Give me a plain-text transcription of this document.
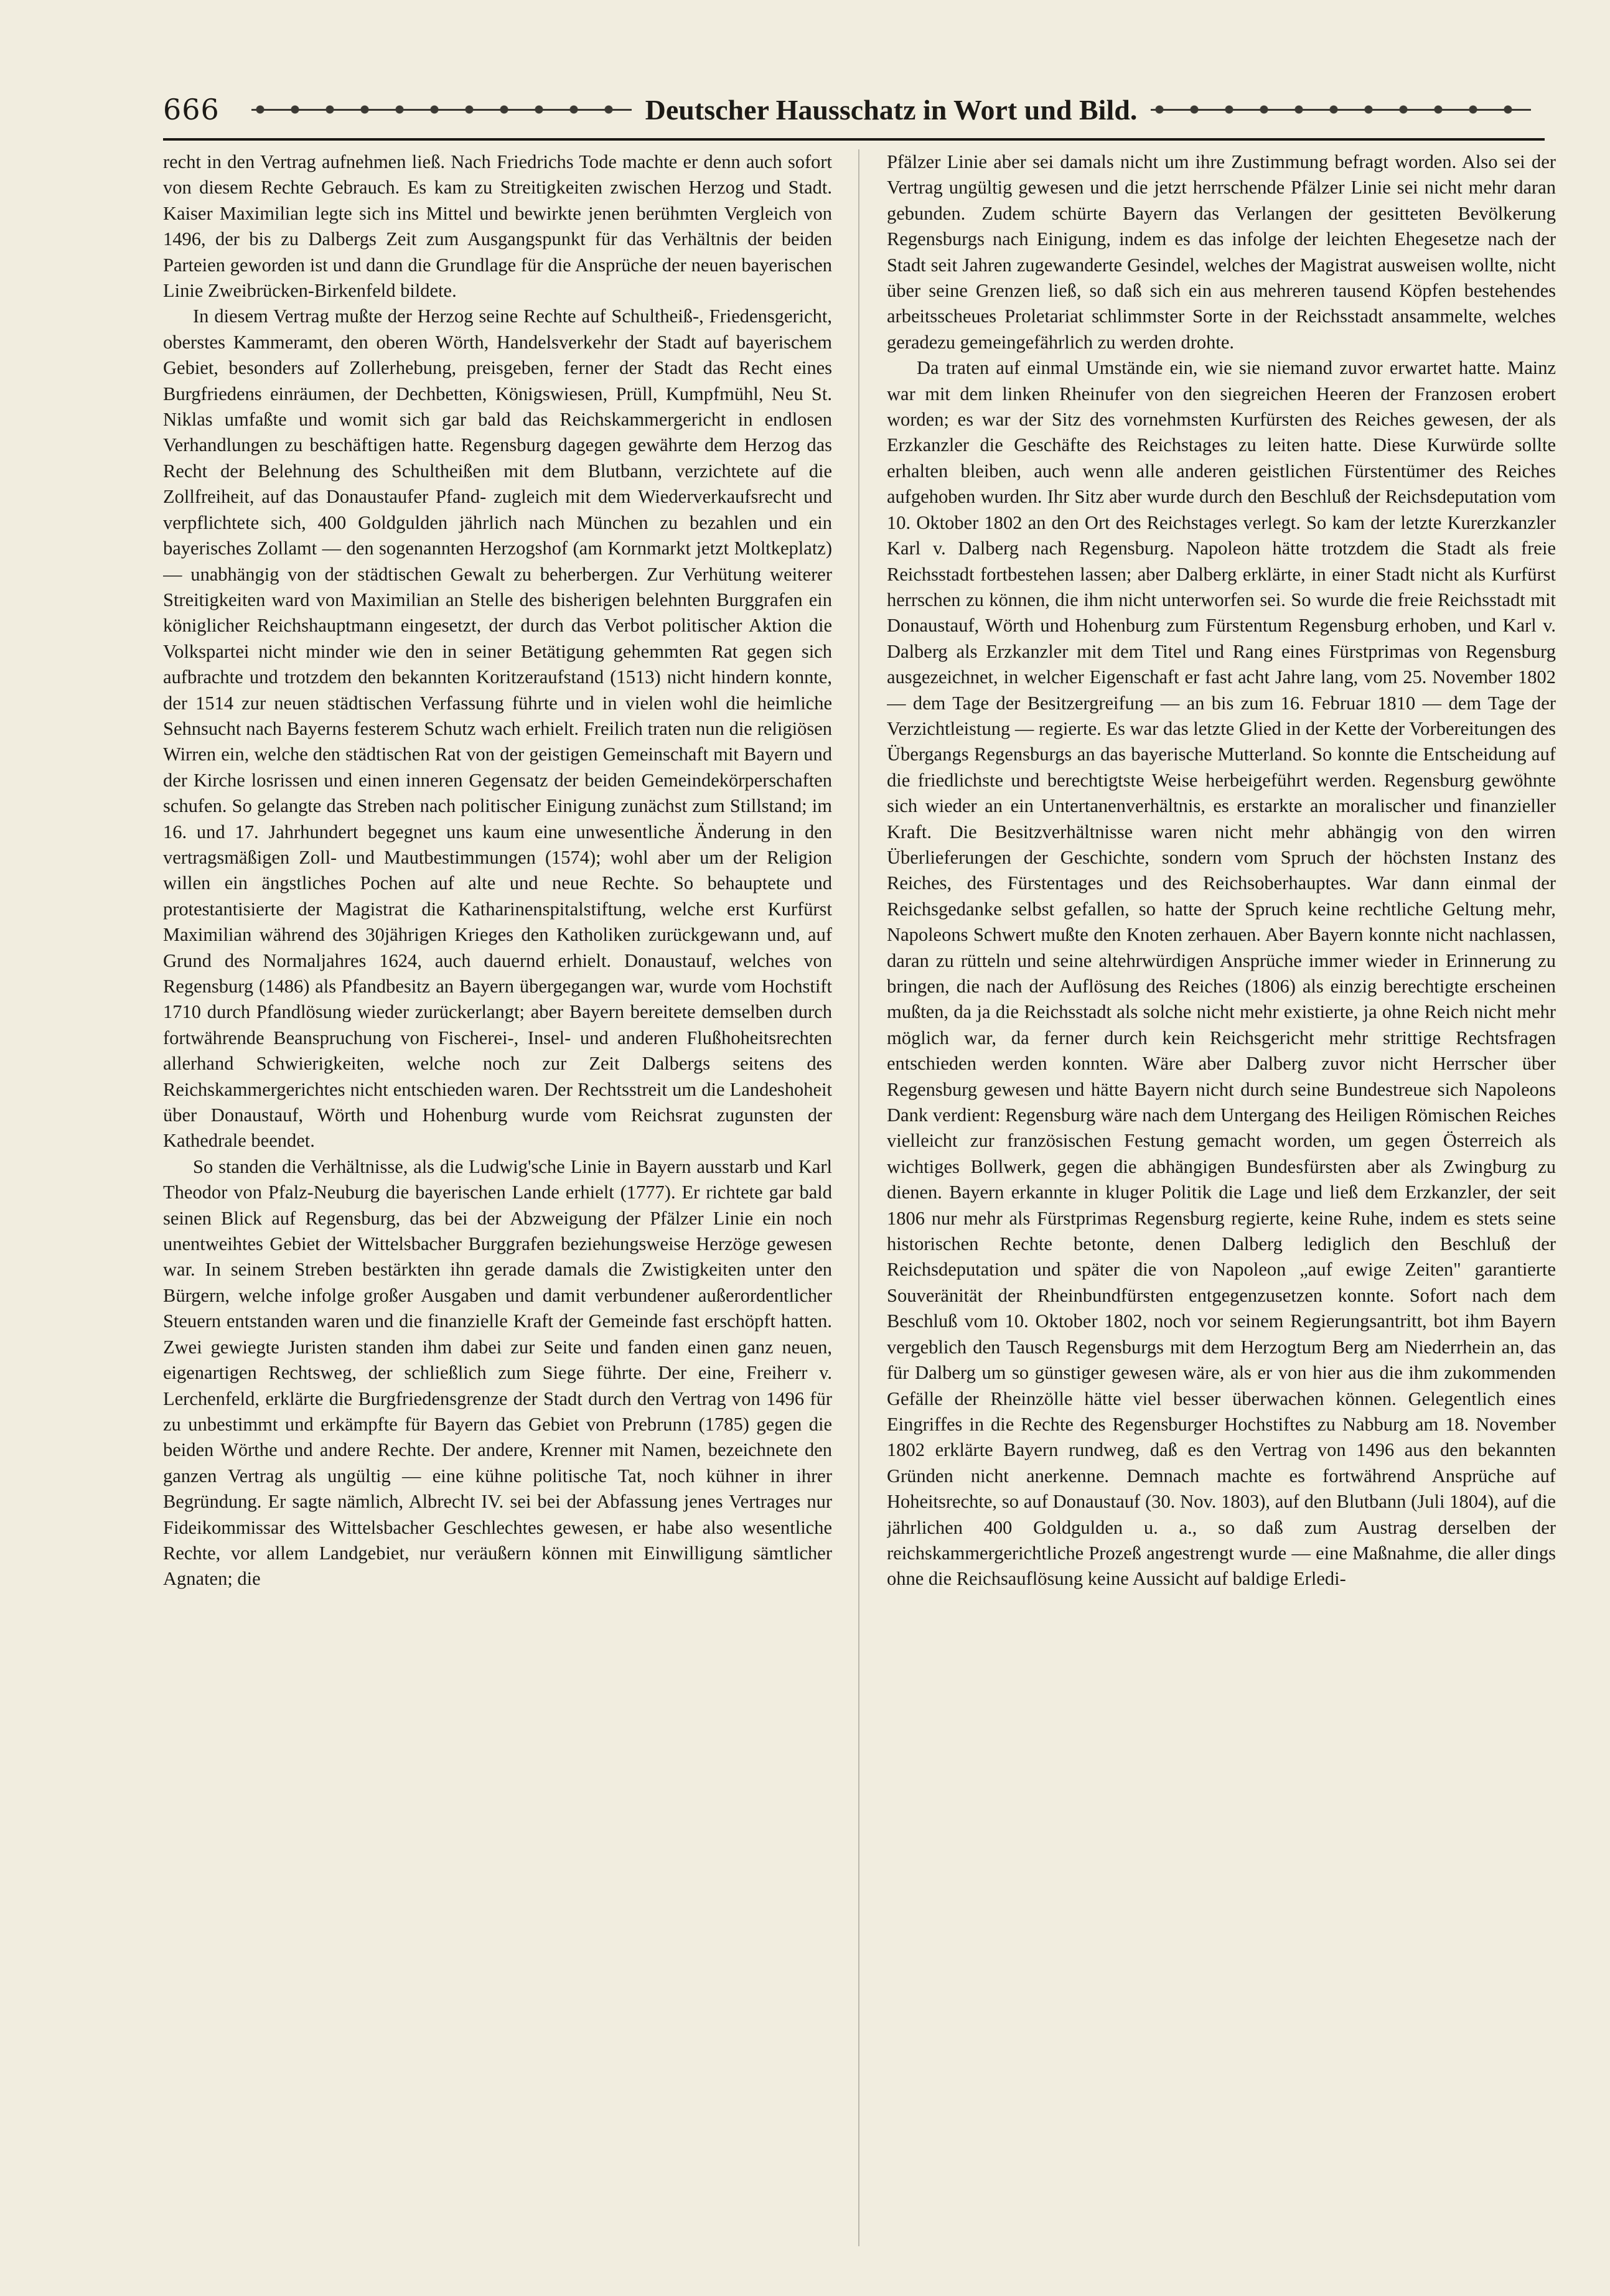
666	Deutscher Hausschatz in Wort und Bild.

recht in den Vertrag aufnehmen ließ. Nach Friedrichs Tode machte er denn auch sofort von diesem Rechte Gebrauch. Es kam zu Streitigkeiten zwischen Herzog und Stadt. Kaiser Maximilian legte sich ins Mittel und bewirkte jenen berühmten Vergleich von 1496, der bis zu Dalbergs Zeit zum Ausgangspunkt für das Verhältnis der beiden Parteien geworden ist und dann die Grundlage für die Ansprüche der neuen bayerischen Linie Zweibrücken-Birkenfeld bildete.

In diesem Vertrag mußte der Herzog seine Rechte auf Schultheiß-, Friedensgericht, oberstes Kammeramt, den oberen Wörth, Handelsverkehr der Stadt auf bayerischem Gebiet, besonders auf Zollerhebung, preisgeben, ferner der Stadt das Recht eines Burgfriedens einräumen, der Dechbetten, Königswiesen, Prüll, Kumpfmühl, Neu St. Niklas umfaßte und womit sich gar bald das Reichskammergericht in endlosen Verhandlungen zu beschäftigen hatte. Regensburg dagegen gewährte dem Herzog das Recht der Belehnung des Schultheißen mit dem Blutbann, verzichtete auf die Zollfreiheit, auf das Donaustaufer Pfand- zugleich mit dem Wiederverkaufsrecht und verpflichtete sich, 400 Goldgulden jährlich nach München zu bezahlen und ein bayerisches Zollamt — den sogenannten Herzogshof (am Kornmarkt jetzt Moltkeplatz) — unabhängig von der städtischen Gewalt zu beherbergen. Zur Verhütung weiterer Streitigkeiten ward von Maximilian an Stelle des bisherigen belehnten Burggrafen ein königlicher Reichshauptmann eingesetzt, der durch das Verbot politischer Aktion die Volkspartei nicht minder wie den in seiner Betätigung gehemmten Rat gegen sich aufbrachte und trotzdem den bekannten Koritzeraufstand (1513) nicht hindern konnte, der 1514 zur neuen städtischen Verfassung führte und in vielen wohl die heimliche Sehnsucht nach Bayerns festerem Schutz wach erhielt. Freilich traten nun die religiösen Wirren ein, welche den städtischen Rat von der geistigen Gemeinschaft mit Bayern und der Kirche losrissen und einen inneren Gegensatz der beiden Gemeindekörperschaften schufen. So gelangte das Streben nach politischer Einigung zunächst zum Stillstand; im 16. und 17. Jahrhundert begegnet uns kaum eine unwesentliche Änderung in den vertragsmäßigen Zoll- und Mautbestimmungen (1574); wohl aber um der Religion willen ein ängstliches Pochen auf alte und neue Rechte. So behauptete und protestantisierte der Magistrat die Katharinenspitalstiftung, welche erst Kurfürst Maximilian während des 30jährigen Krieges den Katholiken zurückgewann und, auf Grund des Normaljahres 1624, auch dauernd erhielt. Donaustauf, welches von Regensburg (1486) als Pfandbesitz an Bayern übergegangen war, wurde vom Hochstift 1710 durch Pfandlösung wieder zurückerlangt; aber Bayern bereitete demselben durch fortwährende Beanspruchung von Fischerei-, Insel- und anderen Flußhoheitsrechten allerhand Schwierigkeiten, welche noch zur Zeit Dalbergs seitens des Reichskammergerichtes nicht entschieden waren. Der Rechtsstreit um die Landeshoheit über Donaustauf, Wörth und Hohenburg wurde vom Reichsrat zugunsten der Kathedrale beendet.

So standen die Verhältnisse, als die Ludwig'sche Linie in Bayern ausstarb und Karl Theodor von Pfalz-Neuburg die bayerischen Lande erhielt (1777). Er richtete gar bald seinen Blick auf Regensburg, das bei der Abzweigung der Pfälzer Linie ein noch unentweihtes Gebiet der Wittelsbacher Burggrafen beziehungsweise Herzöge gewesen war. In seinem Streben bestärkten ihn gerade damals die Zwistigkeiten unter den Bürgern, welche infolge großer Ausgaben und damit verbundener außerordentlicher Steuern entstanden waren und die finanzielle Kraft der Gemeinde fast erschöpft hatten. Zwei gewiegte Juristen standen ihm dabei zur Seite und fanden einen ganz neuen, eigenartigen Rechtsweg, der schließlich zum Siege führte. Der eine, Freiherr v. Lerchenfeld, erklärte die Burgfriedensgrenze der Stadt durch den Vertrag von 1496 für zu unbestimmt und erkämpfte für Bayern das Gebiet von Prebrunn (1785) gegen die beiden Wörthe und andere Rechte. Der andere, Krenner mit Namen, bezeichnete den ganzen Vertrag als ungültig — eine kühne politische Tat, noch kühner in ihrer Begründung. Er sagte nämlich, Albrecht IV. sei bei der Abfassung jenes Vertrages nur Fideikommissar des Wittelsbacher Geschlechtes gewesen, er habe also wesentliche Rechte, vor allem Landgebiet, nur veräußern können mit Einwilligung sämtlicher Agnaten; die

Pfälzer Linie aber sei damals nicht um ihre Zustimmung befragt worden. Also sei der Vertrag ungültig gewesen und die jetzt herrschende Pfälzer Linie sei nicht mehr daran gebunden. Zudem schürte Bayern das Verlangen der gesitteten Bevölkerung Regensburgs nach Einigung, indem es das infolge der leichten Ehegesetze nach der Stadt seit Jahren zugewanderte Gesindel, welches der Magistrat ausweisen wollte, nicht über seine Grenzen ließ, so daß sich ein aus mehreren tausend Köpfen bestehendes arbeitsscheues Proletariat schlimmster Sorte in der Reichsstadt ansammelte, welches geradezu gemeingefährlich zu werden drohte.

Da traten auf einmal Umstände ein, wie sie niemand zuvor erwartet hatte. Mainz war mit dem linken Rheinufer von den siegreichen Heeren der Franzosen erobert worden; es war der Sitz des vornehmsten Kurfürsten des Reiches gewesen, der als Erzkanzler die Geschäfte des Reichstages zu leiten hatte. Diese Kurwürde sollte erhalten bleiben, auch wenn alle anderen geistlichen Fürstentümer des Reiches aufgehoben wurden. Ihr Sitz aber wurde durch den Beschluß der Reichsdeputation vom 10. Oktober 1802 an den Ort des Reichstages verlegt. So kam der letzte Kurerzkanzler Karl v. Dalberg nach Regensburg. Napoleon hätte trotzdem die Stadt als freie Reichsstadt fortbestehen lassen; aber Dalberg erklärte, in einer Stadt nicht als Kurfürst herrschen zu können, die ihm nicht unterworfen sei. So wurde die freie Reichsstadt mit Donaustauf, Wörth und Hohenburg zum Fürstentum Regensburg erhoben, und Karl v. Dalberg als Erzkanzler mit dem Titel und Rang eines Fürstprimas von Regensburg ausgezeichnet, in welcher Eigenschaft er fast acht Jahre lang, vom 25. November 1802 — dem Tage der Besitzergreifung — an bis zum 16. Februar 1810 — dem Tage der Verzichtleistung — regierte. Es war das letzte Glied in der Kette der Vorbereitungen des Übergangs Regensburgs an das bayerische Mutterland. So konnte die Entscheidung auf die friedlichste und berechtigtste Weise herbeigeführt werden. Regensburg gewöhnte sich wieder an ein Untertanenverhältnis, es erstarkte an moralischer und finanzieller Kraft. Die Besitzverhältnisse waren nicht mehr abhängig von den wirren Überlieferungen der Geschichte, sondern vom Spruch der höchsten Instanz des Reiches, des Fürstentages und des Reichsoberhauptes. War dann einmal der Reichsgedanke selbst gefallen, so hatte der Spruch keine rechtliche Geltung mehr, Napoleons Schwert mußte den Knoten zerhauen. Aber Bayern konnte nicht nachlassen, daran zu rütteln und seine altehrwürdigen Ansprüche immer wieder in Erinnerung zu bringen, die nach der Auflösung des Reiches (1806) als einzig berechtigte erscheinen mußten, da ja die Reichsstadt als solche nicht mehr existierte, ja ohne Reich nicht mehr möglich war, da ferner durch kein Reichsgericht mehr strittige Rechtsfragen entschieden werden konnten. Wäre aber Dalberg zuvor nicht Herrscher über Regensburg gewesen und hätte Bayern nicht durch seine Bundestreue sich Napoleons Dank verdient: Regensburg wäre nach dem Untergang des Heiligen Römischen Reiches vielleicht zur französischen Festung gemacht worden, um gegen Österreich als wichtiges Bollwerk, gegen die abhängigen Bundesfürsten aber als Zwingburg zu dienen. Bayern erkannte in kluger Politik die Lage und ließ dem Erzkanzler, der seit 1806 nur mehr als Fürstprimas Regensburg regierte, keine Ruhe, indem es stets seine historischen Rechte betonte, denen Dalberg lediglich den Beschluß der Reichsdeputation und später die von Napoleon „auf ewige Zeiten" garantierte Souveränität der Rheinbundfürsten entgegenzusetzen konnte. Sofort nach dem Beschluß vom 10. Oktober 1802, noch vor seinem Regierungsantritt, bot ihm Bayern vergeblich den Tausch Regensburgs mit dem Herzogtum Berg am Niederrhein an, das für Dalberg um so günstiger gewesen wäre, als er von hier aus die ihm zukommenden Gefälle der Rheinzölle hätte viel besser überwachen können. Gelegentlich eines Eingriffes in die Rechte des Regensburger Hochstiftes zu Nabburg am 18. November 1802 erklärte Bayern rundweg, daß es den Vertrag von 1496 aus den bekannten Gründen nicht anerkenne. Demnach machte es fortwährend Ansprüche auf Hoheitsrechte, so auf Donaustauf (30. Nov. 1803), auf den Blutbann (Juli 1804), auf die jährlichen 400 Goldgulden u. a., so daß zum Austrag derselben der reichskammergerichtliche Prozeß angestrengt wurde — eine Maßnahme, die aller dings ohne die Reichsauflösung keine Aussicht auf baldige Erledi-
